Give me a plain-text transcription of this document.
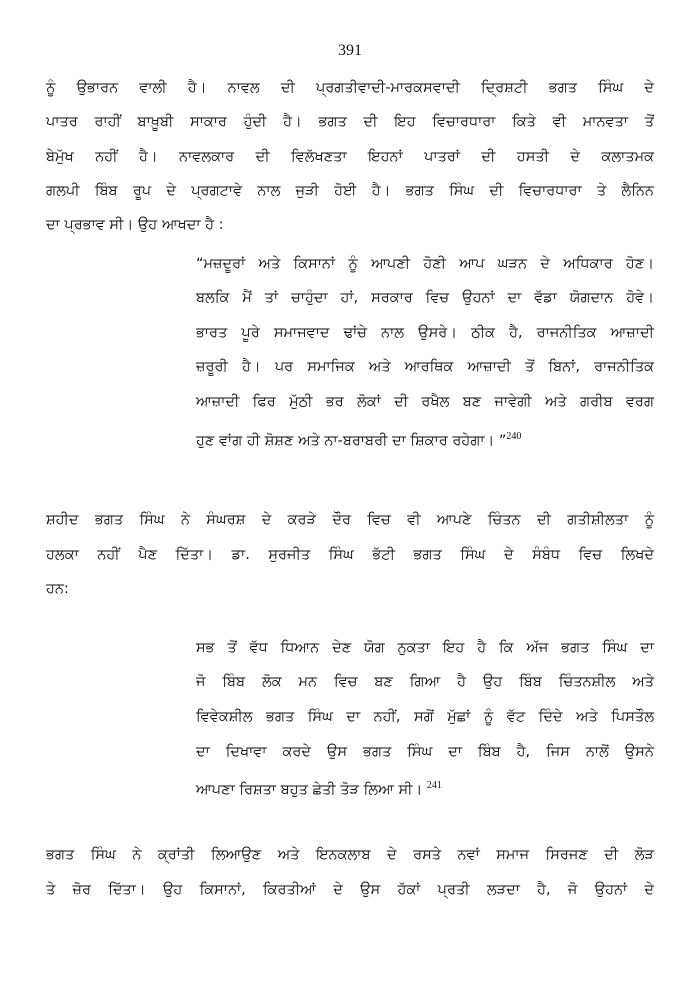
391
ਨੂੰ ਉਭਾਰਨ ਵਾਲੀ ਹੈ। ਨਾਵਲ ਦੀ ਪ੍ਰਗਤੀਵਾਦੀ-ਮਾਰਕਸਵਾਦੀ ਦ੍ਰਿਸ਼ਟੀ ਭਗਤ ਸਿੰਘ ਦੇ
ਪਾਤਰ ਰਾਹੀਂ ਬਾਖ਼ੂਬੀ ਸਾਕਾਰ ਹੁੰਦੀ ਹੈ। ਭਗਤ ਦੀ ਇਹ ਵਿਚਾਰਧਾਰਾ ਕਿਤੇ ਵੀ ਮਾਨਵਤਾ ਤੋਂ
ਬੇਮੁੱਖ ਨਹੀਂ ਹੈ। ਨਾਵਲਕਾਰ ਦੀ ਵਿਲੱਖਣਤਾ ਇਹਨਾਂ ਪਾਤਰਾਂ ਦੀ ਹਸਤੀ ਦੇ ਕਲਾਤਮਕ
ਗਲਪੀ ਬਿੰਬ ਰੂਪ ਦੇ ਪ੍ਰਗਟਾਵੇ ਨਾਲ ਜੁੜੀ ਹੋਈ ਹੈ। ਭਗਤ ਸਿੰਘ ਦੀ ਵਿਚਾਰਧਾਰਾ ਤੇ ਲੈਨਿਨ
ਦਾ ਪ੍ਰਭਾਵ ਸੀ। ਉਹ ਆਖਦਾ ਹੈ :
“ਮਜ਼ਦੂਰਾਂ ਅਤੇ ਕਿਸਾਨਾਂ ਨੂੰ ਆਪਣੀ ਹੋਣੀ ਆਪ ਘੜਨ ਦੇ ਅਧਿਕਾਰ ਹੋਣ।
ਬਲਕਿ ਮੈਂ ਤਾਂ ਚਾਹੁੰਦਾ ਹਾਂ, ਸਰਕਾਰ ਵਿਚ ਉਹਨਾਂ ਦਾ ਵੱਡਾ ਯੋਗਦਾਨ ਹੋਵੇ।
ਭਾਰਤ ਪੂਰੇ ਸਮਾਜਵਾਦ ਢਾਂਚੇ ਨਾਲ ਉਸਰੇ। ਠੀਕ ਹੈ, ਰਾਜਨੀਤਿਕ ਆਜ਼ਾਦੀ
ਜ਼ਰੂਰੀ ਹੈ। ਪਰ ਸਮਾਜਿਕ ਅਤੇ ਆਰਥਿਕ ਆਜ਼ਾਦੀ ਤੋਂ ਬਿਨਾਂ, ਰਾਜਨੀਤਿਕ
ਆਜ਼ਾਦੀ ਫਿਰ ਮੁੱਠੀ ਭਰ ਲੋਕਾਂ ਦੀ ਰਖੈਲ ਬਣ ਜਾਵੇਗੀ ਅਤੇ ਗਰੀਬ ਵਰਗ
ਹੁਣ ਵਾਂਗ ਹੀ ਸ਼ੋਸ਼ਣ ਅਤੇ ਨਾ-ਬਰਾਬਰੀ ਦਾ ਸ਼ਿਕਾਰ ਰਹੇਗਾ। ”$^{240}$
ਸ਼ਹੀਦ ਭਗਤ ਸਿੰਘ ਨੇ ਸੰਘਰਸ਼ ਦੇ ਕਰੜੇ ਦੌਰ ਵਿਚ ਵੀ ਆਪਣੇ ਚਿੰਤਨ ਦੀ ਗਤੀਸ਼ੀਲਤਾ ਨੂੰ
ਹਲਕਾ ਨਹੀਂ ਪੈਣ ਦਿੱਤਾ। ਡਾ. ਸੁਰਜੀਤ ਸਿੰਘ ਭੱਟੀ ਭਗਤ ਸਿੰਘ ਦੇ ਸੰਬੰਧ ਵਿਚ ਲਿਖਦੇ
ਹਨ:
ਸਭ ਤੋਂ ਵੱਧ ਧਿਆਨ ਦੇਣ ਯੋਗ ਨੁਕਤਾ ਇਹ ਹੈ ਕਿ ਅੱਜ ਭਗਤ ਸਿੰਘ ਦਾ
ਜੋ ਬਿੰਬ ਲੋਕ ਮਨ ਵਿਚ ਬਣ ਗਿਆ ਹੈ ਉਹ ਬਿੰਬ ਚਿੰਤਨਸ਼ੀਲ ਅਤੇ
ਵਿਵੇਕਸ਼ੀਲ ਭਗਤ ਸਿੰਘ ਦਾ ਨਹੀਂ, ਸਗੋਂ ਮੁੱਛਾਂ ਨੂੰ ਵੱਟ ਦਿੰਦੇ ਅਤੇ ਪਿਸਤੌਲ
ਦਾ ਦਿਖਾਵਾ ਕਰਦੇ ਉਸ ਭਗਤ ਸਿੰਘ ਦਾ ਬਿੰਬ ਹੈ, ਜਿਸ ਨਾਲੋਂ ਉਸਨੇ
ਆਪਣਾ ਰਿਸ਼ਤਾ ਬਹੁਤ ਛੇਤੀ ਤੋੜ ਲਿਆ ਸੀ। $^{241}$
ਭਗਤ ਸਿੰਘ ਨੇ ਕ੍ਰਾਂਤੀ ਲਿਆਉਣ ਅਤੇ ਇਨਕਲਾਬ ਦੇ ਰਸਤੇ ਨਵਾਂ ਸਮਾਜ ਸਿਰਜਣ ਦੀ ਲੋੜ
ਤੇ ਜ਼ੋਰ ਦਿੱਤਾ। ਉਹ ਕਿਸਾਨਾਂ, ਕਿਰਤੀਆਂ ਦੇ ਉਸ ਹੱਕਾਂ ਪ੍ਰਤੀ ਲੜਦਾ ਹੈ, ਜੋ ਉਹਨਾਂ ਦੇ
